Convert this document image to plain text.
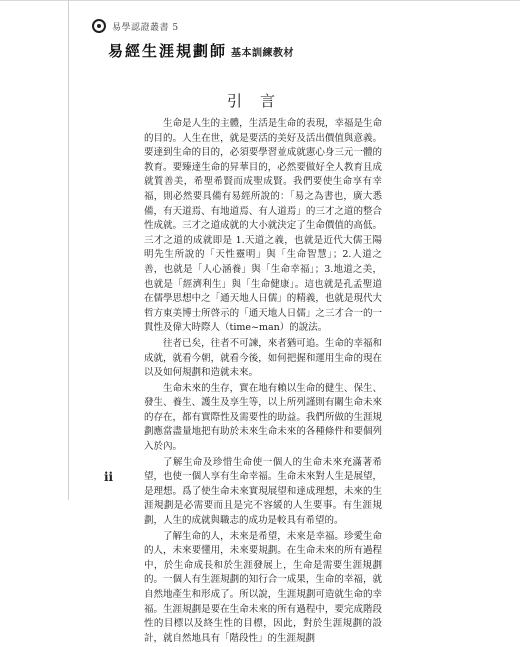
易學認證叢書 5
易經生涯規劃師 基本訓練教材
引言

生命是人生的主體，生活是生命的表現，幸福是生命的目的。人生在世，就是要活的美好及活出價值與意義。要達到生命的目的，必須要學習並成就憲心身三元一體的教育。要臻達生命的昇華目的，必然要做好全人教育且成就質善美，希聖希賢而成聖成賢。我們要使生命享有幸福，則必然要具備有易經所說的：「易之為書也，廣大悉備，有天道焉、有地道焉、有人道焉」的三才之道的整合性成就。三才之道成就的大小就決定了生命價值的高低。三才之道的成就即是 1.天道之義，也就是近代大儒王陽明先生所說的「天性靈明」與「生命智慧」；2.人道之善，也就是「人心涵養」與「生命幸福」；3.地道之美，也就是「經濟利生」與「生命健康」。這也就是孔孟聖道在儒學思想中之「通天地人日儒」的精義，也就是現代大哲方東美博士所啓示的「通天地人日儒」之三才合一的一貫性及偉大時際人（time~man）的說法。

往者已矣，往者不可諫，來者猶可追。生命的幸福和成就，就看今朝，就看今後，如何把握和運用生命的現在以及如何規劃和造就未來。

生命未來的生存，實在地有賴以生命的健生、保生、發生、養生、護生及享生等，以上所列謹則有關生命未來的存在，都有實際性及需要性的助益。我們所做的生涯規劃應當盡量地把有助於未來生命未來的各種條件和要個列入於內。

了解生命及珍惜生命使一個人的生命未來充滿著希望，也使一個人享有生命幸福。生命未來對人生是展望，是理想。爲了使生命未來實現展望和達成理想，未來的生涯規劃是必需要而且是完不容緩的人生要事。有生涯規劃，人生的成就與職志的成功是較具有希望的。

了解生命的人，未來是希望，未來是幸福。珍愛生命的人，未來要懂用，未來要規劃。在生命未來的所有過程中，於生命成長和於生涯發展上，生命是需要生涯規劃的。一個人有生涯規劃的知行合一成果，生命的幸福，就自然地產生和形成了。所以說，生涯規劃可造就生命的幸福。生涯規劃是要在生命未來的所有過程中，要完成階段性的目標以及終生性的目標，因此，對於生涯規劃的設計，就自然地具有「階段性」的生涯規劃

ii
